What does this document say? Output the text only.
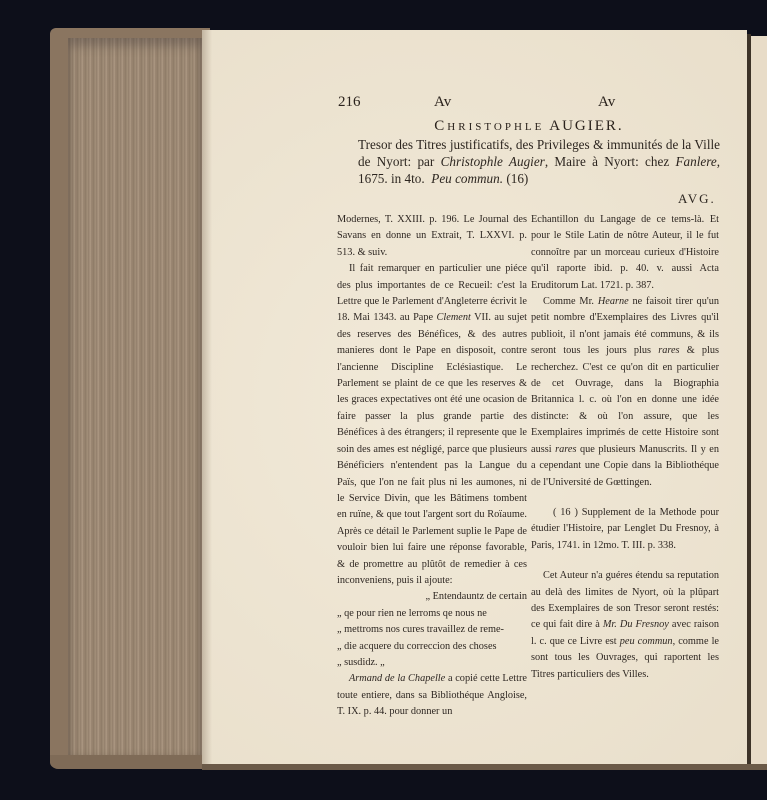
216	Av	Av
Christophle AUGIER.
Tresor des Titres justificatifs, des Privileges & immunités de la Ville de Nyort: par Christophle Augier, Maire à Nyort: chez Fanlere, 1675. in 4to. Peu commun. (16)
AVG.

Modernes, T. XXIII. p. 196. Le Journal des Savans en donne un Extrait, T. LXXVI. p. 513. & suiv.

Il fait remarquer en particulier une piéce des plus importantes de ce Recueil: c'est la Lettre que le Parlement d'Angleterre écrivit le 18. Mai 1343. au Pape Clement VII. au sujet des reserves des Bénéfices, & des autres manieres dont le Pape en disposoit, contre l'ancienne Discipline Eclésiastique. Le Parlement se plaint de ce que les reserves & les graces expectatives ont été une ocasion de faire passer la plus grande partie des Bénéfices à des étrangers; il represente que le soin des ames est négligé, parce que plusieurs Bénéficiers n'entendent pas la Langue du Païs, que l'on ne fait plus ni les aumones, ni le Service Divin, que les Bâtimens tombent en ruïne, & que tout l'argent sort du Roïaume. Après ce détail le Parlement suplie le Pape de vouloir bien lui faire une réponse favorable, & de promettre au plûtôt de remedier à ces inconveniens, puis il ajoute:

„ Entendauntz de certain

„ qe pour rien ne lerroms qe nous ne

„ mettroms nos cures travaillez de reme-

„ die acquere du correccion des choses

„ susdidz. „

Armand de la Chapelle a copié cette Lettre toute entiere, dans sa Bibliothéque Angloise, T. IX. p. 44. pour donner un

Echantillon du Langage de ce tems-là. Et pour le Stile Latin de nôtre Auteur, il le fut connoître par un morceau curieux d'Histoire qu'il raporte ibid. p. 40. v. aussi Acta Eruditorum Lat. 1721. p. 387.

Comme Mr. Hearne ne faisoit tirer qu'un petit nombre d'Exemplaires des Livres qu'il publioit, il n'ont jamais été communs, & ils seront tous les jours plus rares & plus recherchez. C'est ce qu'on dit en particulier de cet Ouvrage, dans la Biographia Britannica l. c. où l'on en donne une idée distincte: & où l'on assure, que les Exemplaires imprimés de cette Histoire sont aussi rares que plusieurs Manuscrits. Il y en a cependant une Copie dans la Bibliothéque de l'Université de Gœttingen.

( 16 ) Supplement de la Methode pour étudier l'Histoire, par Lenglet Du Fresnoy, à Paris, 1741. in 12mo. T. III. p. 338.

Cet Auteur n'a guéres étendu sa reputation au delà des limites de Nyort, où la plûpart des Exemplaires de son Tresor seront restés: ce qui fait dire à Mr. Du Fresnoy avec raison l. c. que ce Livre est peu commun, comme le sont tous les Ouvrages, qui raportent les Titres particuliers des Villes.
